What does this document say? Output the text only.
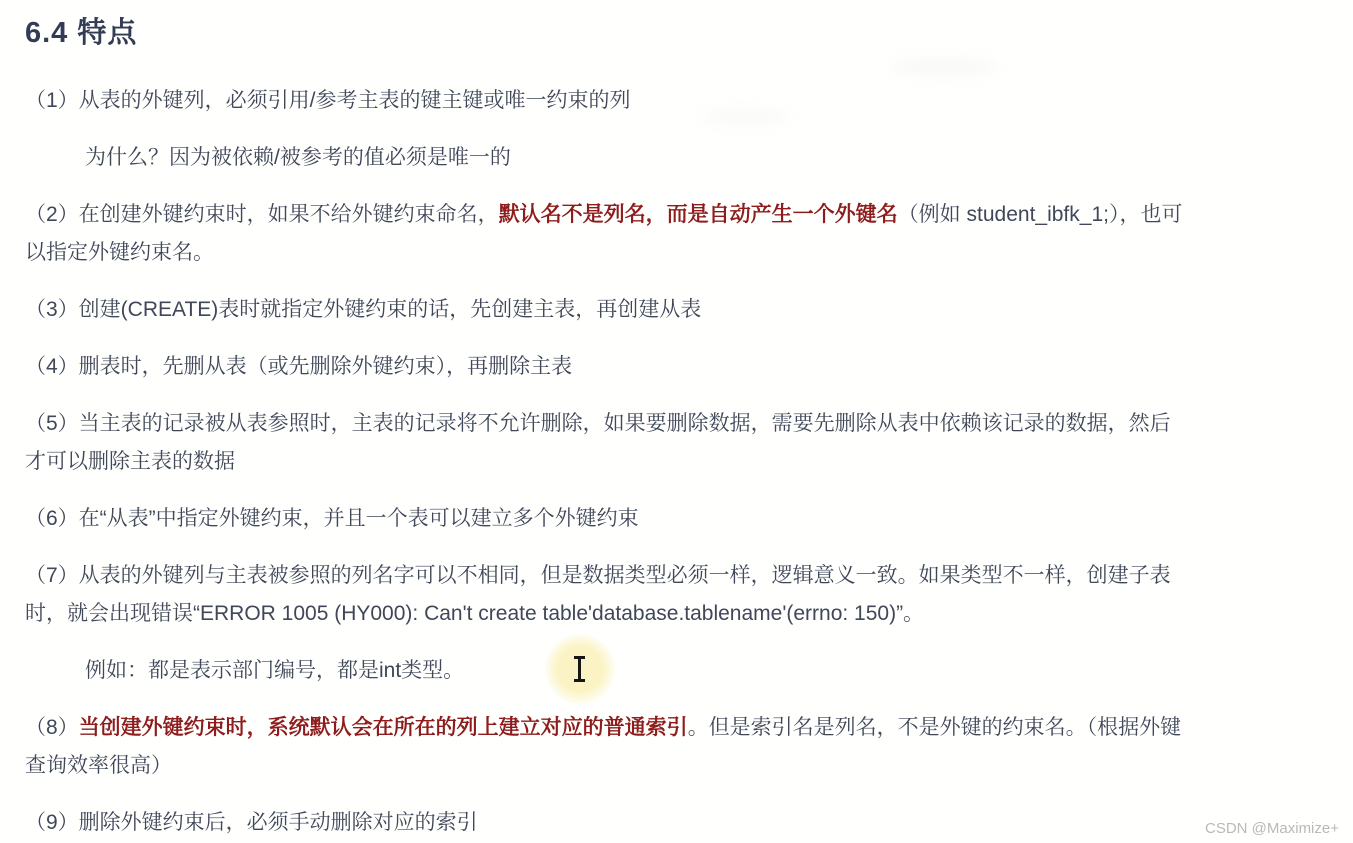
6.4 特点

（1）从表的外键列，必须引用/参考主表的键主键或唯一约束的列

为什么？因为被依赖/被参考的值必须是唯一的

（2）在创建外键约束时，如果不给外键约束命名，默认名不是列名，而是自动产生一个外键名（例如 student_ibfk_1;），也可以指定外键约束名。

（3）创建(CREATE)表时就指定外键约束的话，先创建主表，再创建从表

（4）删表时，先删从表（或先删除外键约束），再删除主表

（5）当主表的记录被从表参照时，主表的记录将不允许删除，如果要删除数据，需要先删除从表中依赖该记录的数据，然后才可以删除主表的数据

（6）在“从表”中指定外键约束，并且一个表可以建立多个外键约束

（7）从表的外键列与主表被参照的列名字可以不相同，但是数据类型必须一样，逻辑意义一致。如果类型不一样，创建子表时，就会出现错误“ERROR 1005 (HY000): Can't create table'database.tablename'(errno: 150)”。

例如：都是表示部门编号，都是int类型。

（8）当创建外键约束时，系统默认会在所在的列上建立对应的普通索引。但是索引名是列名，不是外键的约束名。（根据外键查询效率很高）

（9）删除外键约束后，必须手动删除对应的索引	CSDN @Maximize+
